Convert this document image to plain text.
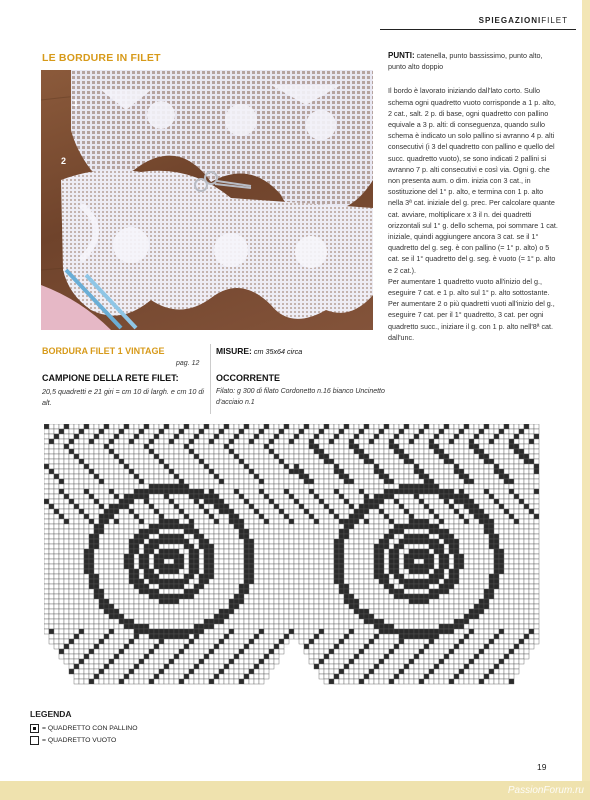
SPIEGAZIONIFILET
LE BORDURE IN FILET
1
2

PUNTI: catenella, punto bassissimo, punto alto, punto alto doppio

Il bordo è lavorato iniziando dall'lato corto. Sullo schema ogni quadretto vuoto corrisponde a 1 p. alto, 2 cat., salt. 2 p. di base, ogni quadretto con pallino equivale a 3 p. alti: di conseguenza, quando sullo schema è indicato un solo pallino si avranno 4 p. alti consecutivi (i 3 del quadretto con pallino e quello del succ. quadretto vuoto), se sono indicati 2 pallini si avranno 7 p. alti consecutivi e così via. Ogni g. che non presenta aum. o dim. inizia con 3 cat., in sostituzione del 1° p. alto, e termina con 1 p. alto nella 3ª cat. iniziale del g. prec. Per calcolare quante cat. avviare, moltiplicare x 3 il n. dei quadretti orizzontali sul 1° g. dello schema, poi sommare 1 cat. iniziale, quindi aggiungere ancora 3 cat. se il 1° quadretto del g. seg. è con pallino (= 1° p. alto) o 5 cat. se il 1° quadretto del g. seg. è vuoto (= 1° p. alto e 2 cat.).

Per aumentare 1 quadretto vuoto all'inizio del g., eseguire 7 cat. e 1 p. alto sul 1° p. alto sottostante. Per aumentare 2 o più quadretti vuoti all'inizio del g., eseguire 7 cat. per il 1° quadretto, 3 cat. per ogni quadretto succ., iniziare il g. con 1 p. alto nell'8ª cat. dall'unc.

BORDURA FILET 1 VINTAGE
pag. 12
CAMPIONE DELLA RETE FILET:
20,5 quadretti e 21 giri = cm 10 di largh. e cm 10 di alt.
MISURE: cm 35x64 circa
OCCORRENTE
Filato: g 300 di filato Cordonetto n.16 bianco Uncinetto d'acciaio n.1
LEGENDA
= QUADRETTO CON PALLINO
= QUADRETTO VUOTO
19
PassionForum.ru
